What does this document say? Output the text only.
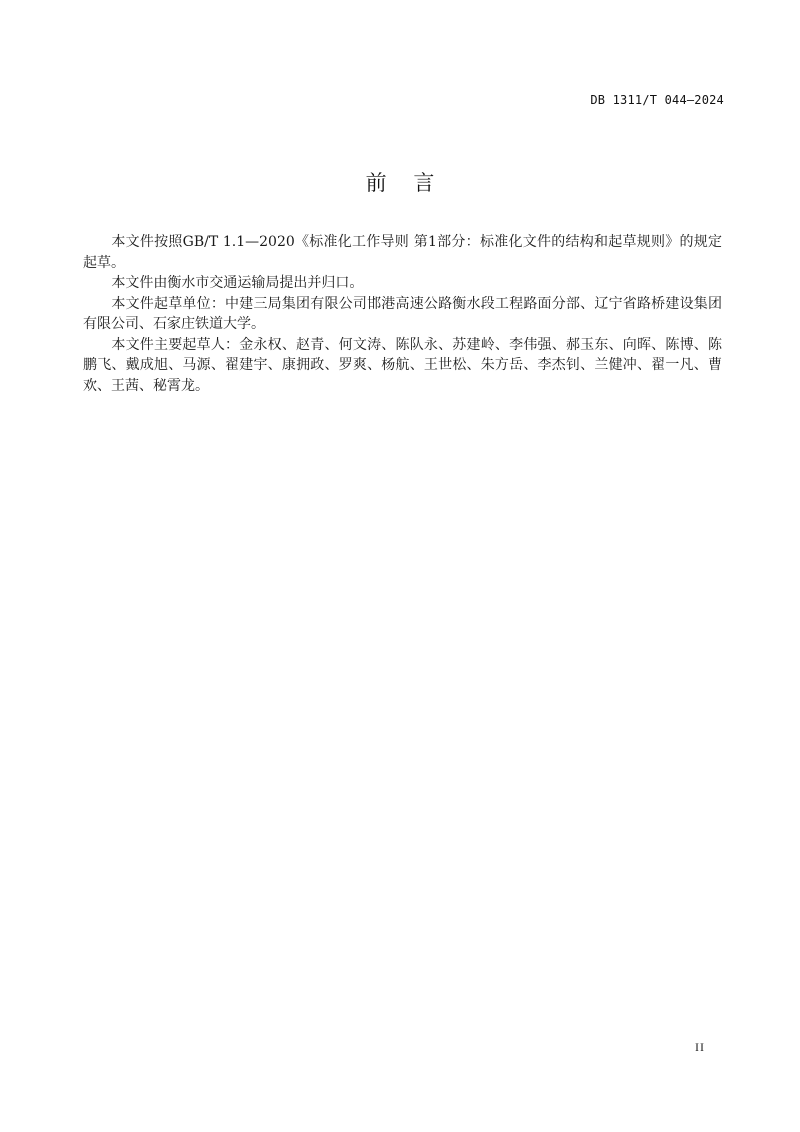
DB 1311/T 044—2024
前    言

本文件按照GB/T 1.1—2020《标准化工作导则 第1部分：标准化文件的结构和起草规则》的规定起草。

本文件由衡水市交通运输局提出并归口。

本文件起草单位：中建三局集团有限公司邯港高速公路衡水段工程路面分部、辽宁省路桥建设集团有限公司、石家庄铁道大学。

本文件主要起草人：金永权、赵青、何文涛、陈队永、苏建岭、李伟强、郝玉东、向晖、陈博、陈鹏飞、戴成旭、马源、翟建宇、康拥政、罗爽、杨航、王世松、朱方岳、李杰钊、兰健冲、翟一凡、曹欢、王茜、秘霄龙。

II
